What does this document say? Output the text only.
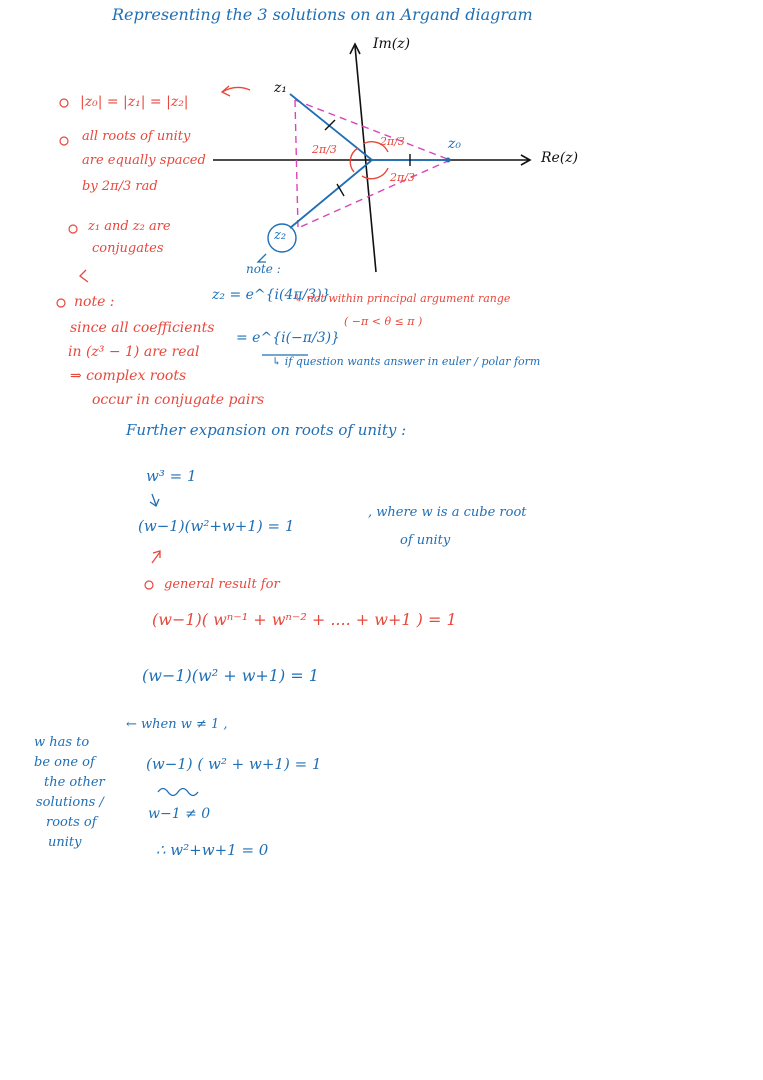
Representing the 3 solutions on an Argand diagram
Im(z)
Re(z)
z₀
z₁
z₂
2π/3
2π/3
2π/3
|z₀| = |z₁| = |z₂|
all roots of unity
are equally spaced
by 2π/3 rad
z₁ and z₂ are
conjugates
note :
since all coefficients
in (z³ − 1) are real
⇒ complex roots
occur in conjugate pairs
note :
z₂ = e^{i(4π/3)}
↳ not within principal argument range
( −π < θ ≤ π )
= e^{i(−π/3)}
↳ if question wants answer in euler / polar form
Further expansion on roots of unity :
w³ = 1
(w−1)(w²+w+1) = 1
, where w is a cube root
of unity
general result for
(w−1)( wⁿ⁻¹ + wⁿ⁻² + .... + w+1 ) = 1
(w−1)(w² + w+1) = 1
← when w ≠ 1 ,
(w−1) ( w² + w+1) = 1
w−1 ≠ 0
∴ w²+w+1 = 0
w has to
be one of
the other
solutions /
roots of
unity
